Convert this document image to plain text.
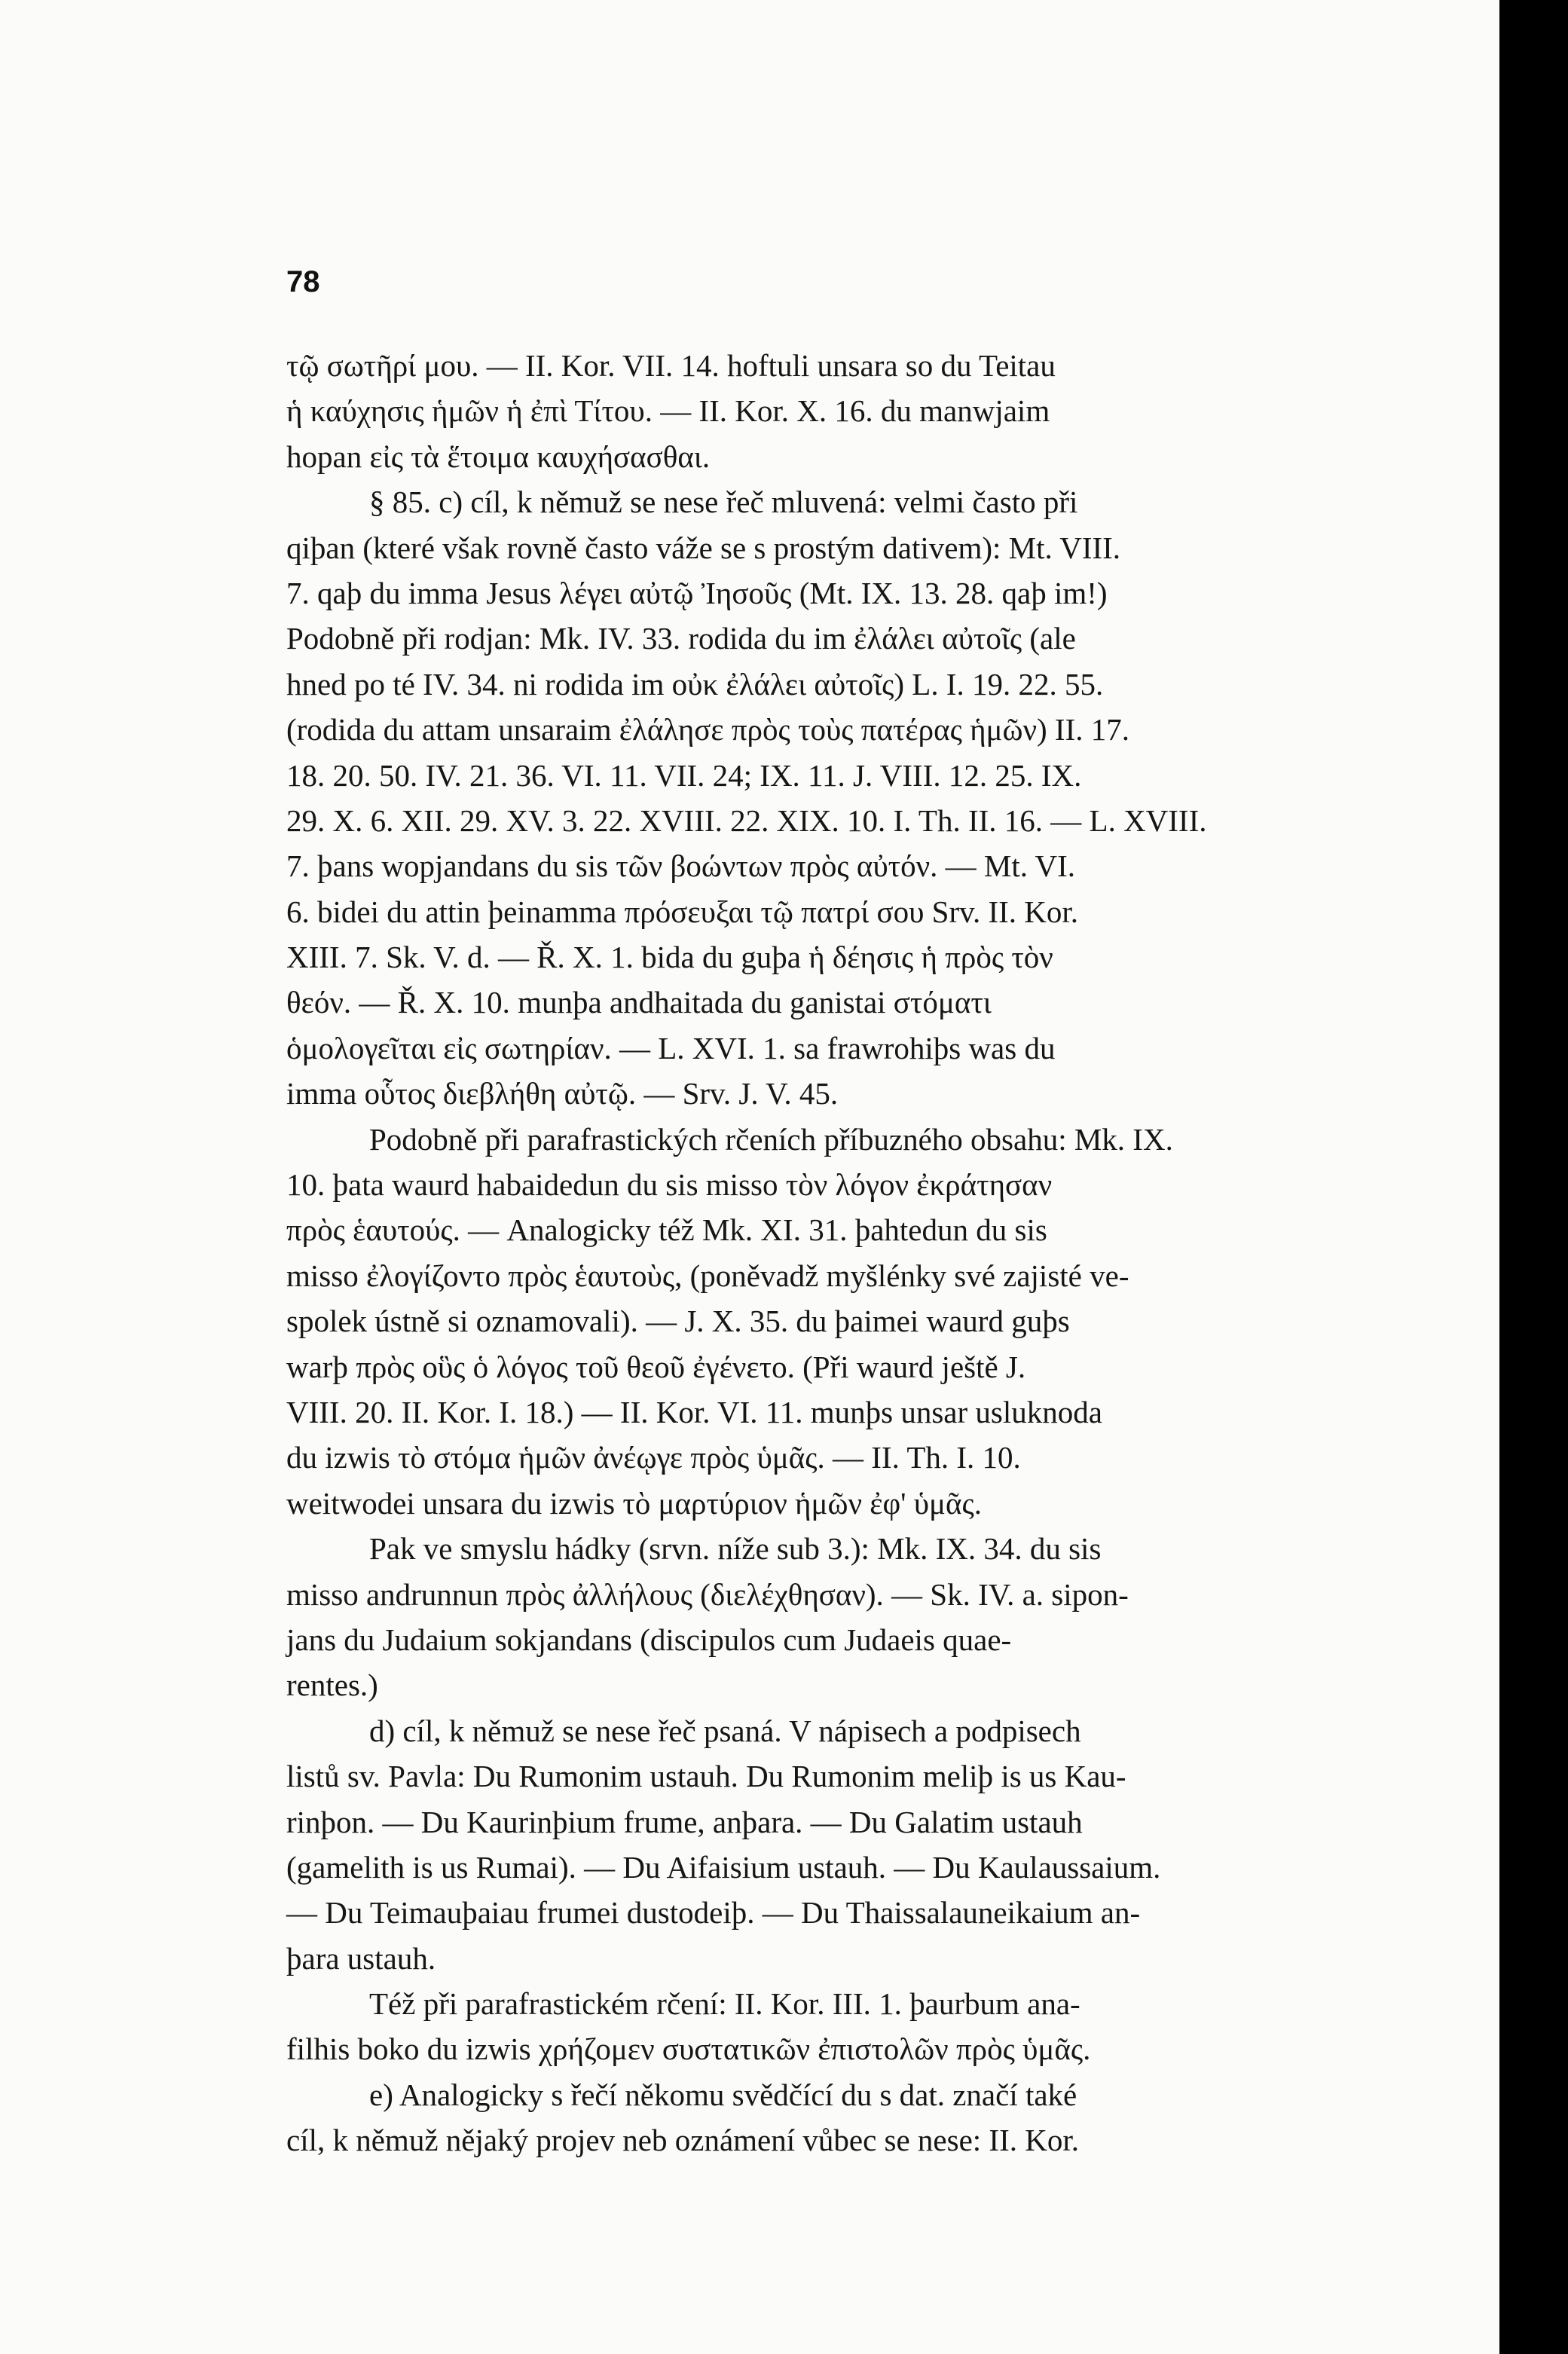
78
τῷ σωτῆρί μου. — II. Kor. VII. 14. hoftuli unsara so du Teitau
ἡ καύχησις ἡμῶν ἡ ἐπὶ Τίτου. — II. Kor. X. 16. du manwjaim
hopan εἰς τὰ ἕτοιμα καυχήσασθαι.
§ 85. c) cíl, k němuž se nese řeč mluvená: velmi často při
qiþan (které však rovně často váže se s prostým dativem): Mt. VIII.
7. qaþ du imma Jesus λέγει αὐτῷ Ἰησοῦς (Mt. IX. 13. 28. qaþ im!)
Podobně při rodjan: Mk. IV. 33. rodida du im ἐλάλει αὐτοῖς (ale
hned po té IV. 34. ni rodida im οὐκ ἐλάλει αὐτοῖς) L. I. 19. 22. 55.
(rodida du attam unsaraim ἐλάλησε πρὸς τοὺς πατέρας ἡμῶν) II. 17.
18. 20. 50. IV. 21. 36. VI. 11. VII. 24; IX. 11. J. VIII. 12. 25. IX.
29. X. 6. XII. 29. XV. 3. 22. XVIII. 22. XIX. 10. I. Th. II. 16. — L. XVIII.
7. þans wopjandans du sis τῶν βοώντων πρὸς αὐτόν. — Mt. VI.
6. bidei du attin þeinamma πρόσευξαι τῷ πατρί σου Srv. II. Kor.
XIII. 7. Sk. V. d. — Ř. X. 1. bida du guþa ἡ δέησις ἡ πρὸς τὸν
θεόν. — Ř. X. 10. munþa andhaitada du ganistai στόματι
ὁμολογεῖται εἰς σωτηρίαν. — L. XVI. 1. sa frawrohiþs was du
imma οὗτος διεβλήθη αὐτῷ. — Srv. J. V. 45.
Podobně při parafrastických rčeních příbuzného obsahu: Mk. IX.
10. þata waurd habaidedun du sis misso τὸν λόγον ἐκράτησαν
πρὸς ἑαυτούς. — Analogicky též Mk. XI. 31. þahtedun du sis
misso ἐλογίζοντο πρὸς ἑαυτοὺς, (poněvadž myšlénky své zajisté ve-
spolek ústně si oznamovali). — J. X. 35. du þaimei waurd guþs
warþ πρὸς οὓς ὁ λόγος τοῦ θεοῦ ἐγένετο. (Při waurd ještě J.
VIII. 20. II. Kor. I. 18.) — II. Kor. VI. 11. munþs unsar usluknoda
du izwis τὸ στόμα ἡμῶν ἀνέῳγε πρὸς ὑμᾶς. — II. Th. I. 10.
weitwodei unsara du izwis τὸ μαρτύριον ἡμῶν ἐφ' ὑμᾶς.
Pak ve smyslu hádky (srvn. níže sub 3.): Mk. IX. 34. du sis
misso andrunnun πρὸς ἀλλήλους (διελέχθησαν). — Sk. IV. a. sipon-
jans du Judaium sokjandans (discipulos cum Judaeis quae-
rentes.)
d) cíl, k němuž se nese řeč psaná. V nápisech a podpisech
listů sv. Pavla: Du Rumonim ustauh. Du Rumonim meliþ is us Kau-
rinþon. — Du Kaurinþium frume, anþara. — Du Galatim ustauh
(gamelith is us Rumai). — Du Aifaisium ustauh. — Du Kaulaussaium.
— Du Teimauþaiau frumei dustodeiþ. — Du Thaissalauneikaium an-
þara ustauh.
Též při parafrastickém rčení: II. Kor. III. 1. þaurbum ana-
filhis boko du izwis χρήζομεν συστατικῶν ἐπιστολῶν πρὸς ὑμᾶς.
e) Analogicky s řečí někomu svědčící du s dat. značí také
cíl, k němuž nějaký projev neb oznámení vůbec se nese: II. Kor.
